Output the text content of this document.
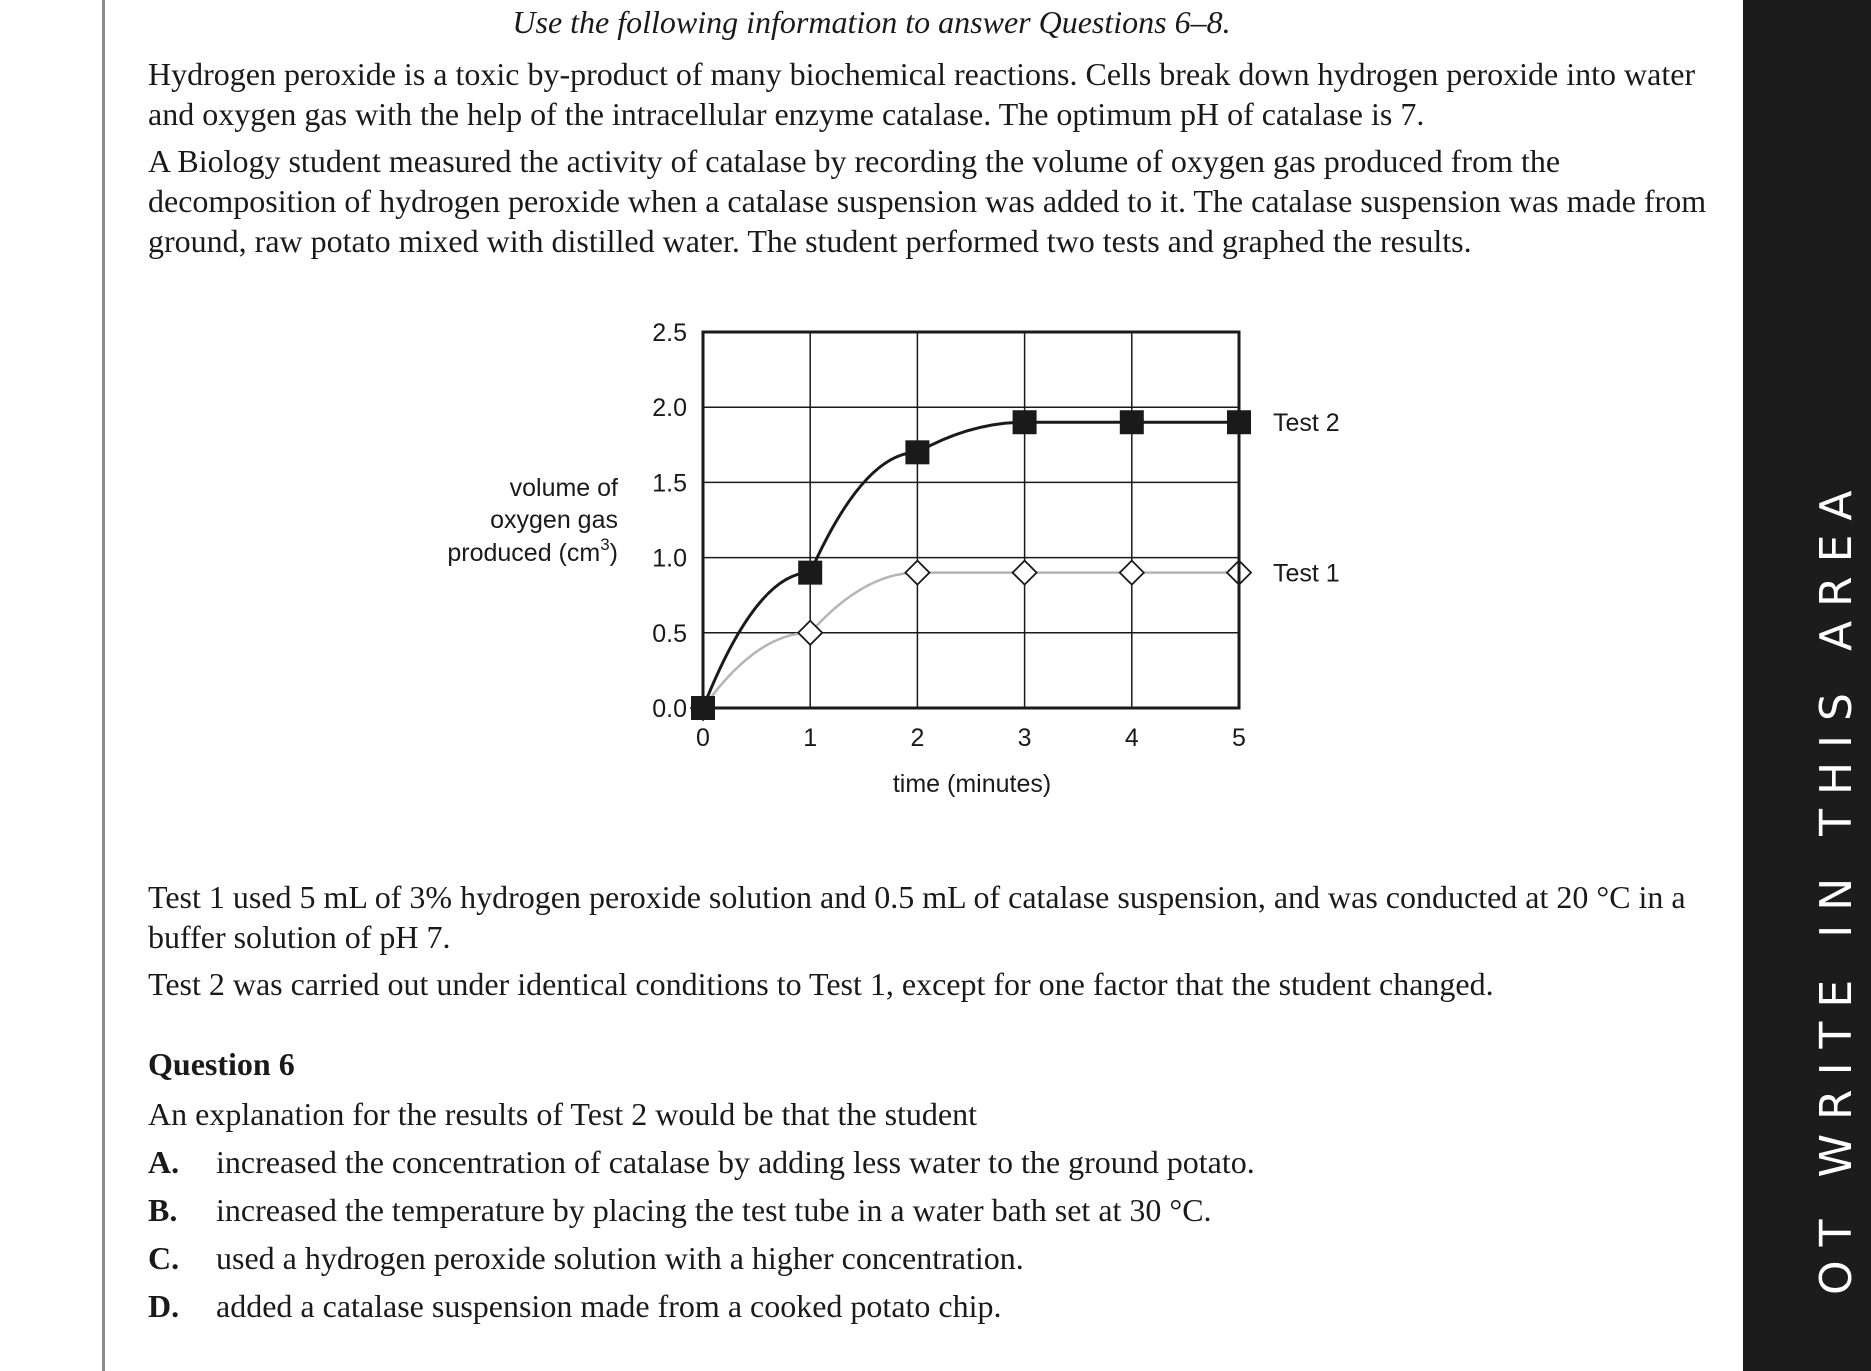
Use the following information to answer Questions 6–8.

Hydrogen peroxide is a toxic by-product of many biochemical reactions. Cells break down hydrogen peroxide into water and oxygen gas with the help of the intracellular enzyme catalase. The optimum pH of catalase is 7.

A Biology student measured the activity of catalase by recording the volume of oxygen gas produced from the decomposition of hydrogen peroxide when a catalase suspension was added to it. The catalase suspension was made from ground, raw potato mixed with distilled water. The student performed two tests and graphed the results.

Test 1
Test 2
0	1	2	3	4	5
0.0
0.5
1.0
1.5
2.0
2.5
volume of
oxygen gas
produced $(cm^3)$
time (minutes)

Test 1 used 5 mL of 3% hydrogen peroxide solution and 0.5 mL of catalase suspension, and was conducted at 20 °C in a buffer solution of pH 7.

Test 2 was carried out under identical conditions to Test 1, except for one factor that the student changed.

Question 6
An explanation for the results of Test 2 would be that the student
A. increased the concentration of catalase by adding less water to the ground potato.
B. increased the temperature by placing the test tube in a water bath set at 30 °C.
C. used a hydrogen peroxide solution with a higher concentration.
D. added a catalase suspension made from a cooked potato chip.
OT WRITE IN THIS AREA
